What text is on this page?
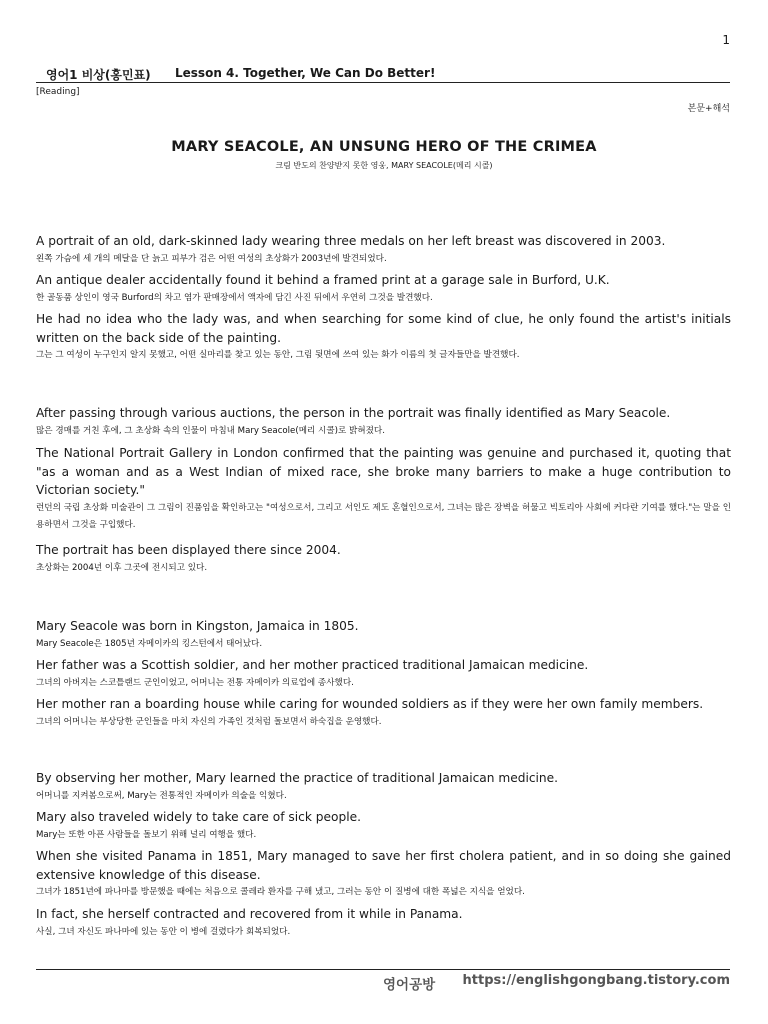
1
영어1 비상(홍민표) Lesson 4. Together, We Can Do Better!
[Reading]
본문+해석
MARY SEACOLE, AN UNSUNG HERO OF THE CRIMEA
크림 반도의 찬양받지 못한 영웅, MARY SEACOLE(메리 시콜)

A portrait of an old, dark-skinned lady wearing three medals on her left breast was discovered in 2003.

왼쪽 가슴에 세 개의 메달을 단 늙고 피부가 검은 어떤 여성의 초상화가 2003년에 발견되었다.

An antique dealer accidentally found it behind a framed print at a garage sale in Burford, U.K.

한 골동품 상인이 영국 Burford의 차고 염가 판매장에서 액자에 담긴 사진 뒤에서 우연히 그것을 발견했다.

He had no idea who the lady was, and when searching for some kind of clue, he only found the artist's initials written on the back side of the painting.

그는 그 여성이 누구인지 알지 못했고, 어떤 실마리를 찾고 있는 동안, 그림 뒷면에 쓰여 있는 화가 이름의 첫 글자들만을 발견했다.

After passing through various auctions, the person in the portrait was finally identified as Mary Seacole.

많은 경매를 거친 후에, 그 초상화 속의 인물이 마침내 Mary Seacole(메리 시콜)로 밝혀졌다.

The National Portrait Gallery in London confirmed that the painting was genuine and purchased it, quoting that "as a woman and as a West Indian of mixed race, she broke many barriers to make a huge contribution to Victorian society."

런던의 국립 초상화 미술관이 그 그림이 진품임을 확인하고는 "여성으로서, 그리고 서인도 제도 혼혈인으로서, 그녀는 많은 장벽을 허물고 빅토리아 사회에 커다란 기여를 했다."는 말을 인용하면서 그것을 구입했다.

The portrait has been displayed there since 2004.

초상화는 2004년 이후 그곳에 전시되고 있다.

Mary Seacole was born in Kingston, Jamaica in 1805.

Mary Seacole은 1805년 자메이카의 킹스턴에서 태어났다.

Her father was a Scottish soldier, and her mother practiced traditional Jamaican medicine.

그녀의 아버지는 스코틀랜드 군인이었고, 어머니는 전통 자메이카 의료업에 종사했다.

Her mother ran a boarding house while caring for wounded soldiers as if they were her own family members.

그녀의 어머니는 부상당한 군인들을 마치 자신의 가족인 것처럼 돌보면서 하숙집을 운영했다.

By observing her mother, Mary learned the practice of traditional Jamaican medicine.

어머니를 지켜봄으로써, Mary는 전통적인 자메이카 의술을 익혔다.

Mary also traveled widely to take care of sick people.

Mary는 또한 아픈 사람들을 돌보기 위해 널리 여행을 했다.

When she visited Panama in 1851, Mary managed to save her first cholera patient, and in so doing she gained extensive knowledge of this disease.

그녀가 1851년에 파나마를 방문했을 때에는 처음으로 콜레라 환자를 구해 냈고, 그러는 동안 이 질병에 대한 폭넓은 지식을 얻었다.

In fact, she herself contracted and recovered from it while in Panama.

사실, 그녀 자신도 파나마에 있는 동안 이 병에 걸렸다가 회복되었다.

영어공방 https://englishgongbang.tistory.com
